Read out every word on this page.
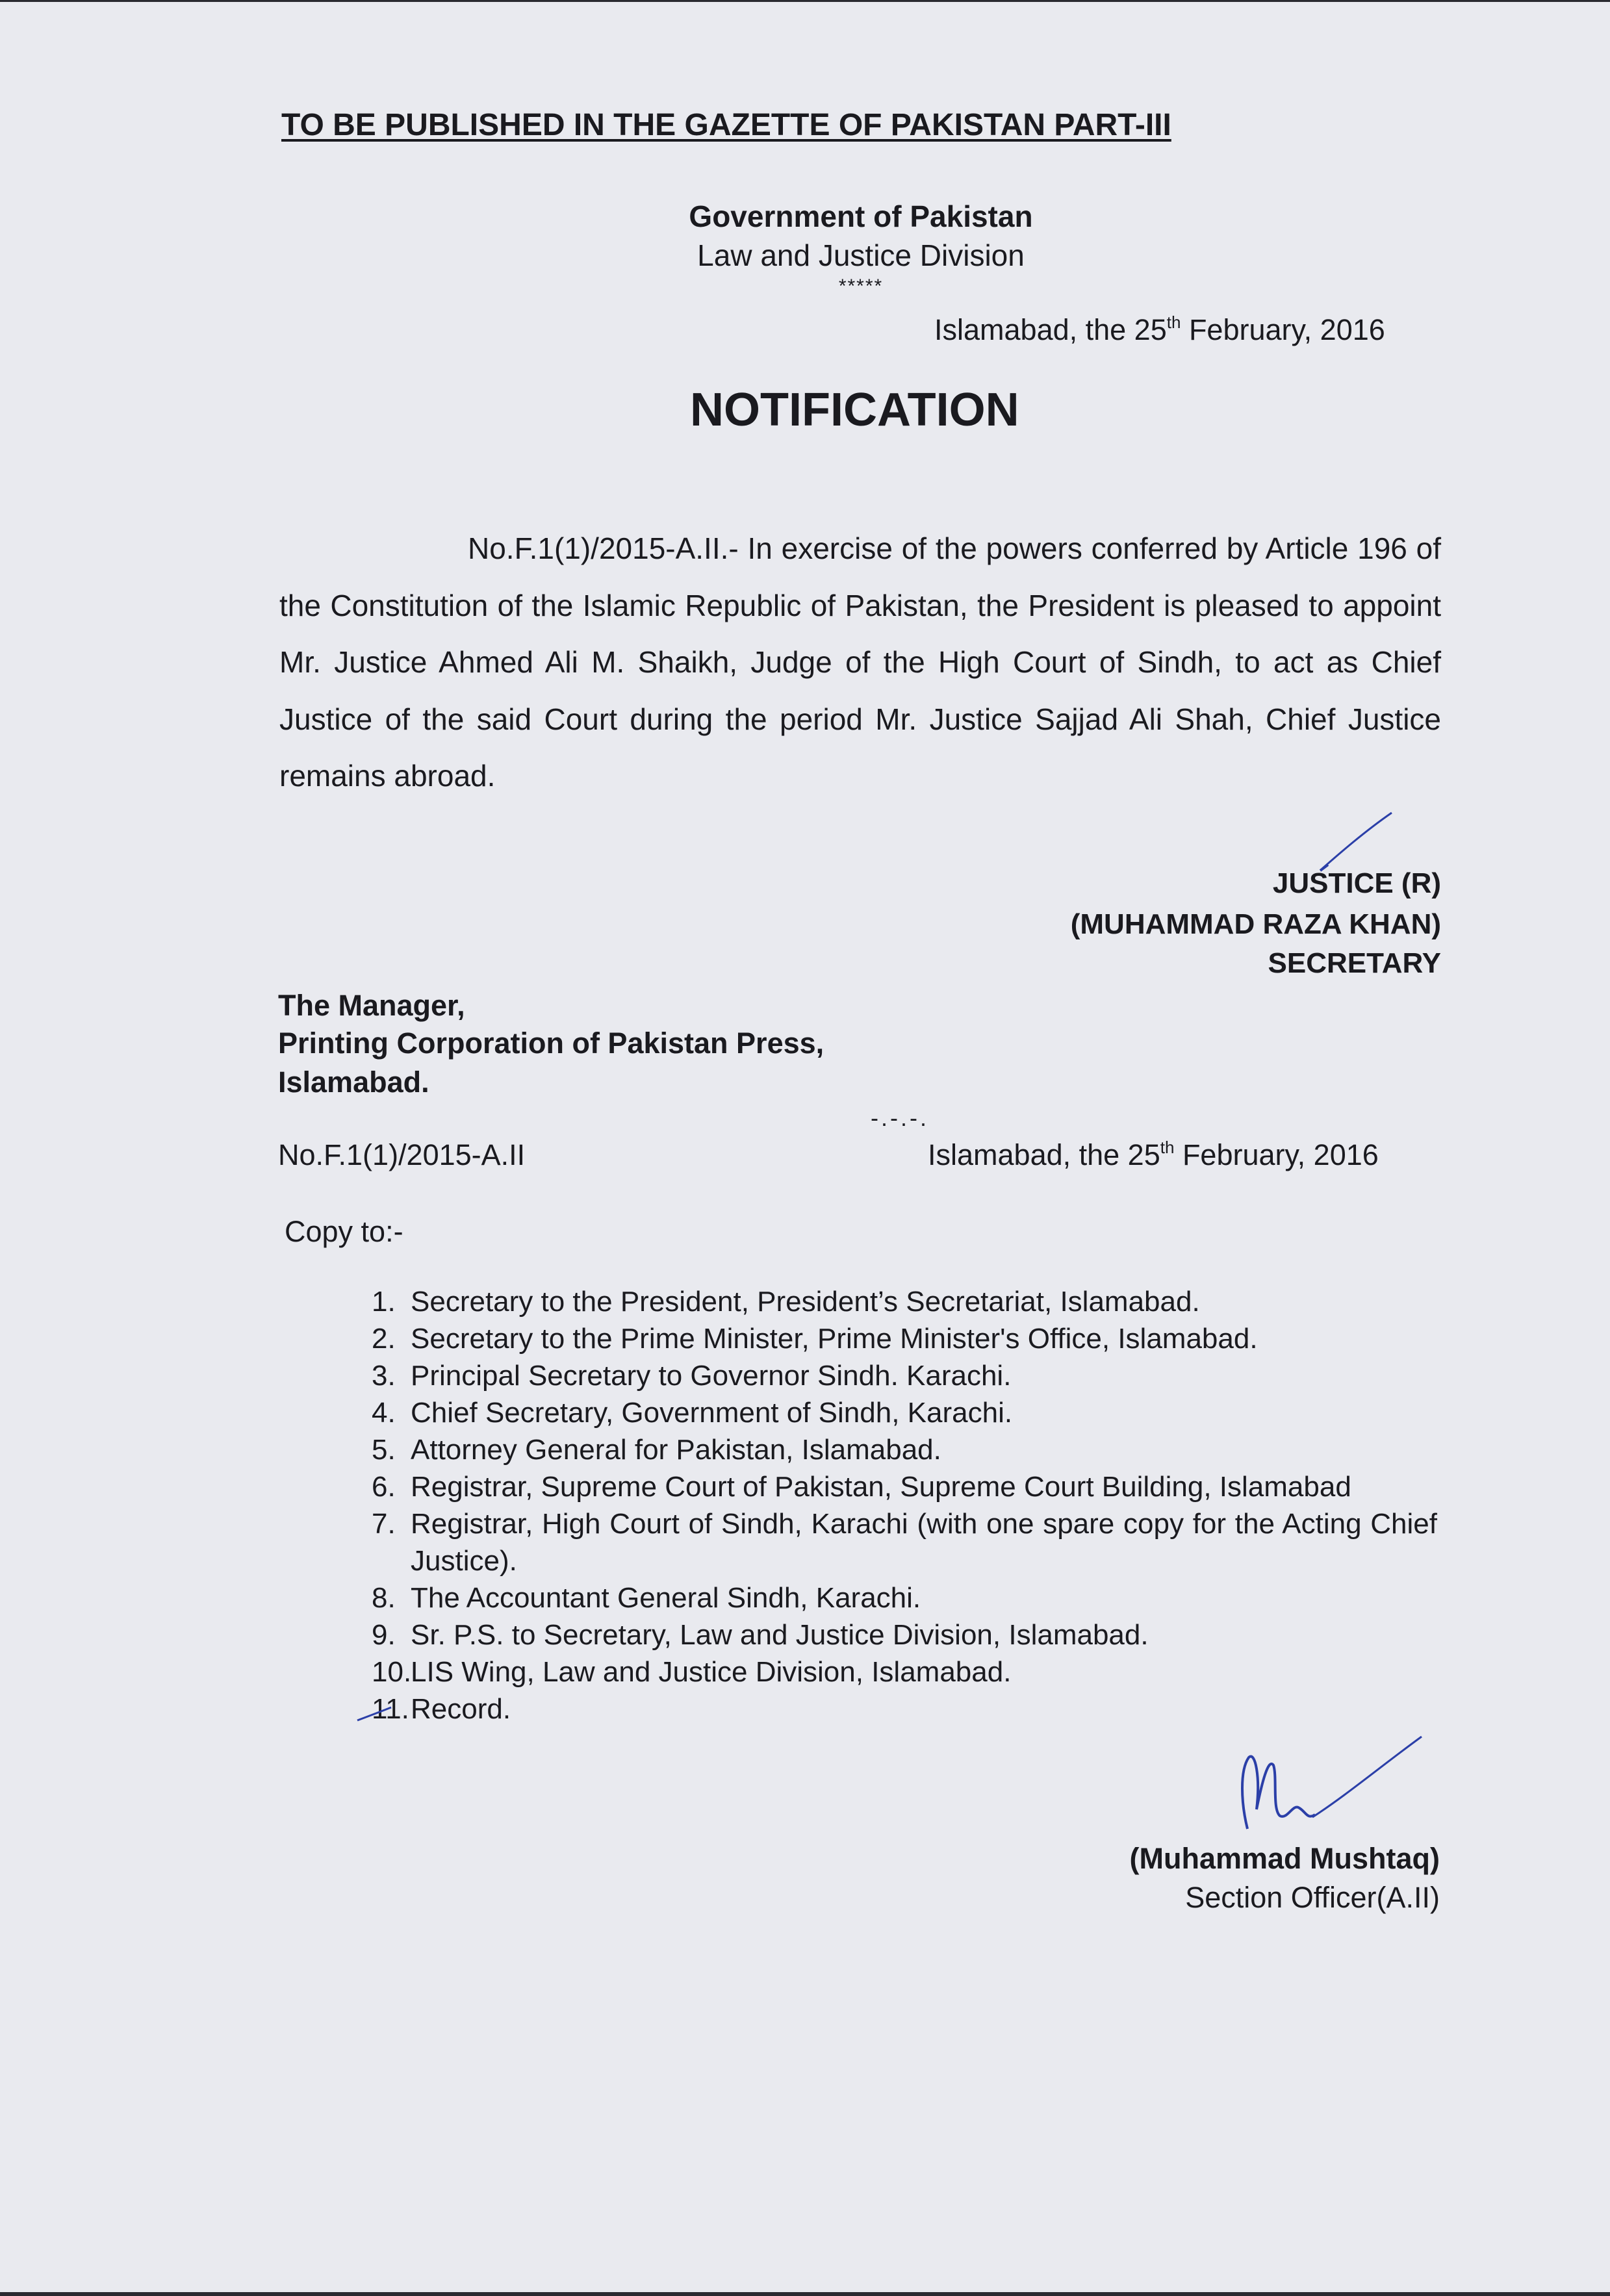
TO BE PUBLISHED IN THE GAZETTE OF PAKISTAN PART-III
Government of Pakistan
Law and Justice Division
*****
Islamabad, the 25th February, 2016
NOTIFICATION

No.F.1(1)/2015-A.II.- In exercise of the powers conferred by Article 196 of the Constitution of the Islamic Republic of Pakistan, the President is pleased to appoint Mr. Justice Ahmed Ali M. Shaikh, Judge of the High Court of Sindh, to act as Chief Justice of the said Court during the period Mr. Justice Sajjad Ali Shah, Chief Justice remains abroad.

JUSTICE (R)
(MUHAMMAD RAZA KHAN)
SECRETARY
The Manager,
Printing Corporation of Pakistan Press,
Islamabad.
-.-.-.
No.F.1(1)/2015-A.II	Islamabad, the 25th February, 2016
Copy to:-
1. Secretary to the President, President’s Secretariat, Islamabad.
2. Secretary to the Prime Minister, Prime Minister's Office, Islamabad.
3. Principal Secretary to Governor Sindh. Karachi.
4. Chief Secretary, Government of Sindh, Karachi.
5. Attorney General for Pakistan, Islamabad.
6. Registrar, Supreme Court of Pakistan, Supreme Court Building, Islamabad
7. Registrar, High Court of Sindh, Karachi (with one spare copy for the Acting Chief Justice).
8. The Accountant General Sindh, Karachi.
9. Sr. P.S. to Secretary, Law and Justice Division, Islamabad.
10.
LIS Wing, Law and Justice Division, Islamabad.
11. Record.
(Muhammad Mushtaq)
Section Officer(A.II)
